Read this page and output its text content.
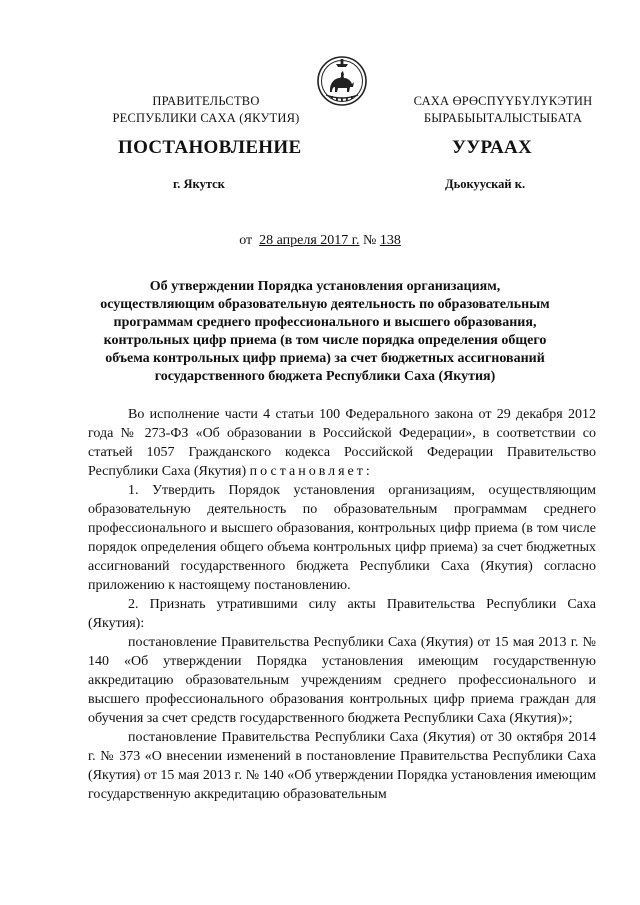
ПРАВИТЕЛЬСТВО
РЕСПУБЛИКИ САХА (ЯКУТИЯ)
САХА ӨРӨСПҮҮБҮЛҮКЭТИН
БЫРАБЫЫТАЛЫСТЫБАТА
ПОСТАНОВЛЕНИЕ	УУРААХ
г. Якутск	Дьокуускай к.
от 28 апреля 2017 г. № 138
Об утверждении Порядка установления организациям,
осуществляющим образовательную деятельность по образовательным
программам среднего профессионального и высшего образования,
контрольных цифр приема (в том числе порядка определения общего
объема контрольных цифр приема) за счет бюджетных ассигнований
государственного бюджета Республики Саха (Якутия)

Во исполнение части 4 статьи 100 Федерального закона от 29 декабря 2012 года № 273-ФЗ «Об образовании в Российской Федерации», в соответствии со статьей 1057 Гражданского кодекса Российской Федерации Правительство Республики Саха (Якутия) постановляет:

1. Утвердить Порядок установления организациям, осуществляющим образовательную деятельность по образовательным программам среднего профессионального и высшего образования, контрольных цифр приема (в том числе порядок определения общего объема контрольных цифр приема) за счет бюджетных ассигнований государственного бюджета Республики Саха (Якутия) согласно приложению к настоящему постановлению.

2. Признать утратившими силу акты Правительства Республики Саха (Якутия):

постановление Правительства Республики Саха (Якутия) от 15 мая 2013 г. № 140 «Об утверждении Порядка установления имеющим государственную аккредитацию образовательным учреждениям среднего профессионального и высшего профессионального образования контрольных цифр приема граждан для обучения за счет средств государственного бюджета Республики Саха (Якутия)»;

постановление Правительства Республики Саха (Якутия) от 30 октября 2014 г. № 373 «О внесении изменений в постановление Правительства Республики Саха (Якутия) от 15 мая 2013 г. № 140 «Об утверждении Порядка установления имеющим государственную аккредитацию образовательным
